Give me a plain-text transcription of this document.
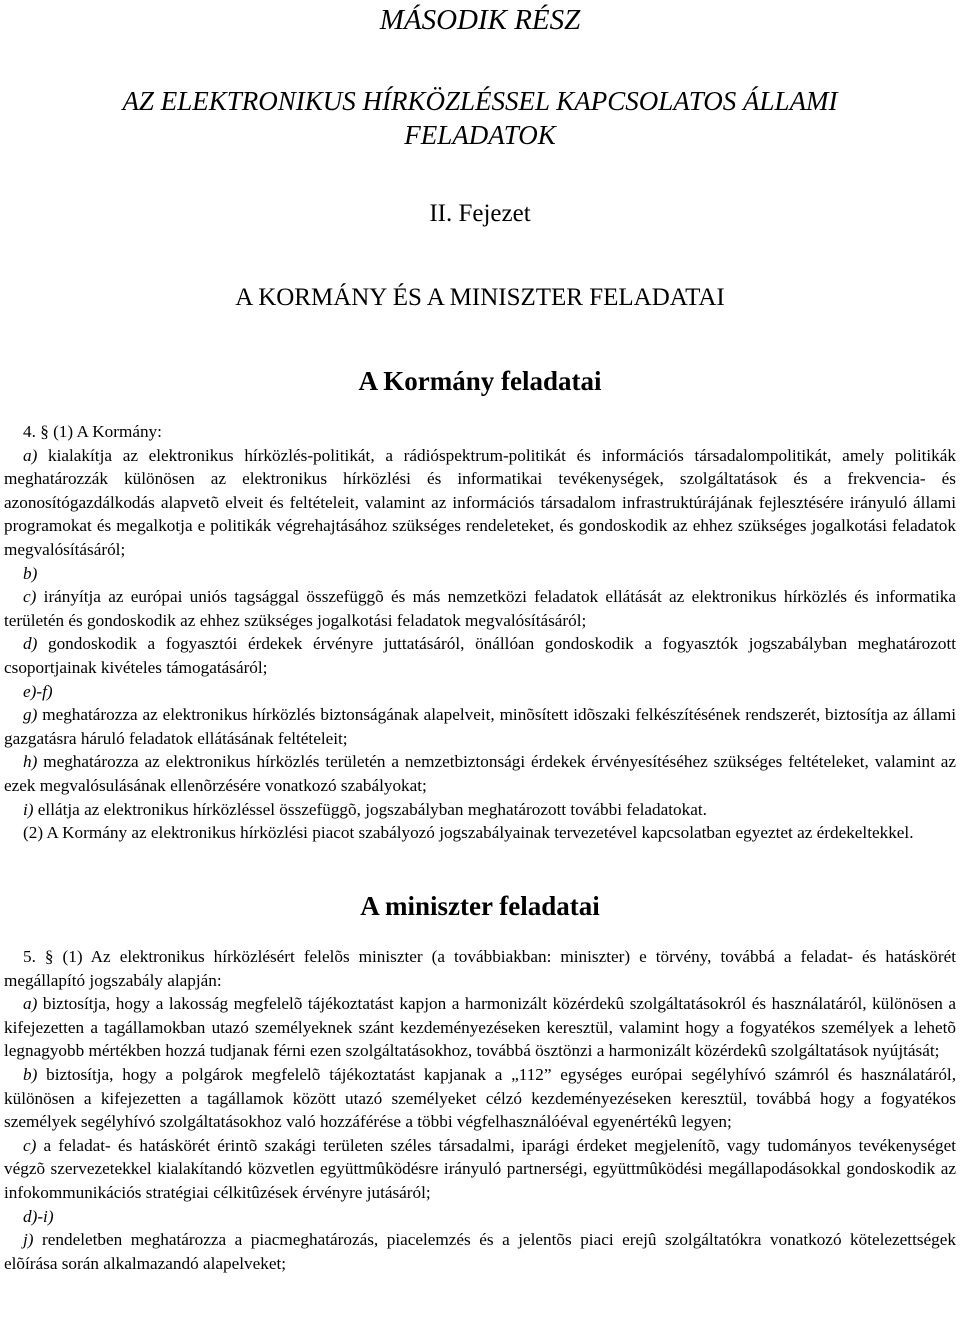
MÁSODIK RÉSZ
AZ ELEKTRONIKUS HÍRKÖZLÉSSEL KAPCSOLATOS ÁLLAMI
FELADATOK
II. Fejezet
A KORMÁNY ÉS A MINISZTER FELADATAI
A Kormány feladatai

4. § (1) A Kormány:

a) kialakítja az elektronikus hírközlés-politikát, a rádióspektrum-politikát és információs társadalompolitikát, amely politikák meghatározzák különösen az elektronikus hírközlési és informatikai tevékenységek, szolgáltatások és a frekvencia- és azonosítógazdálkodás alapvetõ elveit és feltételeit, valamint az információs társadalom infrastruktúrájának fejlesztésére irányuló állami programokat és megalkotja e politikák végrehajtásához szükséges rendeleteket, és gondoskodik az ehhez szükséges jogalkotási feladatok megvalósításáról;

b)

c) irányítja az európai uniós tagsággal összefüggõ és más nemzetközi feladatok ellátását az elektronikus hírközlés és informatika területén és gondoskodik az ehhez szükséges jogalkotási feladatok megvalósításáról;

d) gondoskodik a fogyasztói érdekek érvényre juttatásáról, önállóan gondoskodik a fogyasztók jogszabályban meghatározott csoportjainak kivételes támogatásáról;

e)-f)

g) meghatározza az elektronikus hírközlés biztonságának alapelveit, minõsített idõszaki felkészítésének rendszerét, biztosítja az állami gazgatásra háruló feladatok ellátásának feltételeit;

h) meghatározza az elektronikus hírközlés területén a nemzetbiztonsági érdekek érvényesítéséhez szükséges feltételeket, valamint az ezek megvalósulásának ellenõrzésére vonatkozó szabályokat;

i) ellátja az elektronikus hírközléssel összefüggõ, jogszabályban meghatározott további feladatokat.

(2) A Kormány az elektronikus hírközlési piacot szabályozó jogszabályainak tervezetével kapcsolatban egyeztet az érdekeltekkel.

A miniszter feladatai

5. § (1) Az elektronikus hírközlésért felelõs miniszter (a továbbiakban: miniszter) e törvény, továbbá a feladat- és hatáskörét megállapító jogszabály alapján:

a) biztosítja, hogy a lakosság megfelelõ tájékoztatást kapjon a harmonizált közérdekû szolgáltatásokról és használatáról, különösen a kifejezetten a tagállamokban utazó személyeknek szánt kezdeményezéseken keresztül, valamint hogy a fogyatékos személyek a lehetõ legnagyobb mértékben hozzá tudjanak férni ezen szolgáltatásokhoz, továbbá ösztönzi a harmonizált közérdekû szolgáltatások nyújtását;

b) biztosítja, hogy a polgárok megfelelõ tájékoztatást kapjanak a „112” egységes európai segélyhívó számról és használatáról, különösen a kifejezetten a tagállamok között utazó személyeket célzó kezdeményezéseken keresztül, továbbá hogy a fogyatékos személyek segélyhívó szolgáltatásokhoz való hozzáférése a többi végfelhasználóéval egyenértékû legyen;

c) a feladat- és hatáskörét érintõ szakági területen széles társadalmi, iparági érdeket megjelenítõ, vagy tudományos tevékenységet végzõ szervezetekkel kialakítandó közvetlen együttmûködésre irányuló partnerségi, együttmûködési megállapodásokkal gondoskodik az infokommunikációs stratégiai célkitûzések érvényre jutásáról;

d)-i)

j) rendeletben meghatározza a piacmeghatározás, piacelemzés és a jelentõs piaci erejû szolgáltatókra vonatkozó kötelezettségek elõírása során alkalmazandó alapelveket;
